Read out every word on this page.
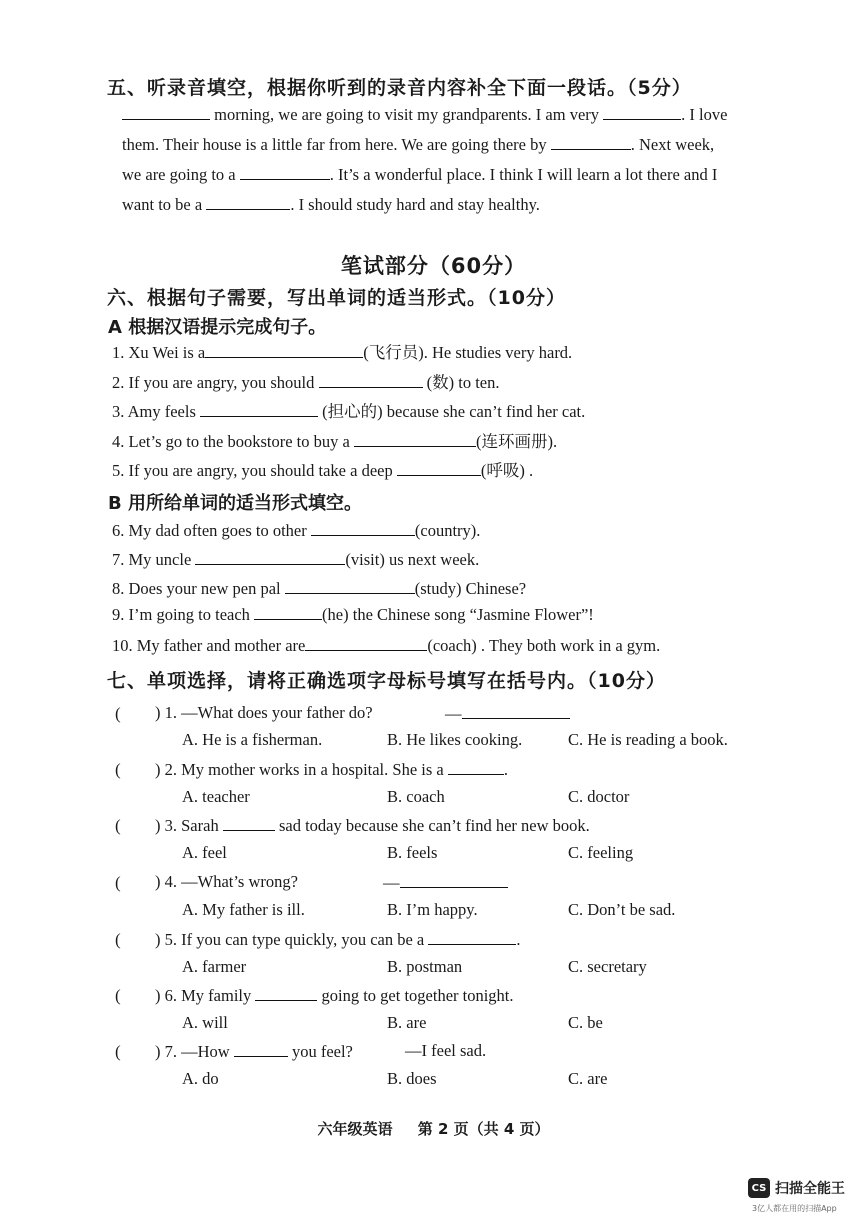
五、听录音填空，根据你听到的录音内容补全下面一段话。（5分）
morning, we are going to visit my grandparents. I am very	. I love
them. Their house is a little far from here. We are going there by	. Next week,
we are going to a	. It’s a wonderful place. I think I will learn a lot there and I
want to be a	. I should study hard and stay healthy.
笔试部分（60分）
六、根据句子需要，写出单词的适当形式。（10分）
A 根据汉语提示完成句子。
1. Xu Wei is a	(飞行员). He studies very hard.
2. If you are angry, you should	(数) to ten.
3. Amy feels	(担心的) because she can’t find her cat.
4. Let’s go to the bookstore to buy a	(连环画册).
5. If you are angry, you should take a deep	(呼吸) .
B 用所给单词的适当形式填空。
6. My dad often goes to other	(country).
7. My uncle	(visit) us next week.
8. Does your new pen pal	(study) Chinese?
9. I’m going to teach	(he) the Chinese song “Jasmine Flower”!
10. My father and mother are	(coach) . They both work in a gym.
七、单项选择，请将正确选项字母标号填写在括号内。（10分）
( ) 1. —What does your father do?	—
A. He is a fisherman.	B. He likes cooking.	C. He is reading a book.
( ) 2. My mother works in a hospital. She is a	.
A. teacher	B. coach	C. doctor
( ) 3. Sarah	sad today because she can’t find her new book.
A. feel	B. feels	C. feeling
( ) 4. —What’s wrong?	—
A. My father is ill.	B. I’m happy.	C. Don’t be sad.
( ) 5. If you can type quickly, you can be a	.
A. farmer	B. postman	C. secretary
( ) 6. My family	going to get together tonight.
A. will	B. are	C. be
( ) 7. —How	you feel?	—I feel sad.
A. do	B. does	C. are
六年级英语 第 2 页（共 4 页）
CS 扫描全能王
3亿人都在用的扫描App
